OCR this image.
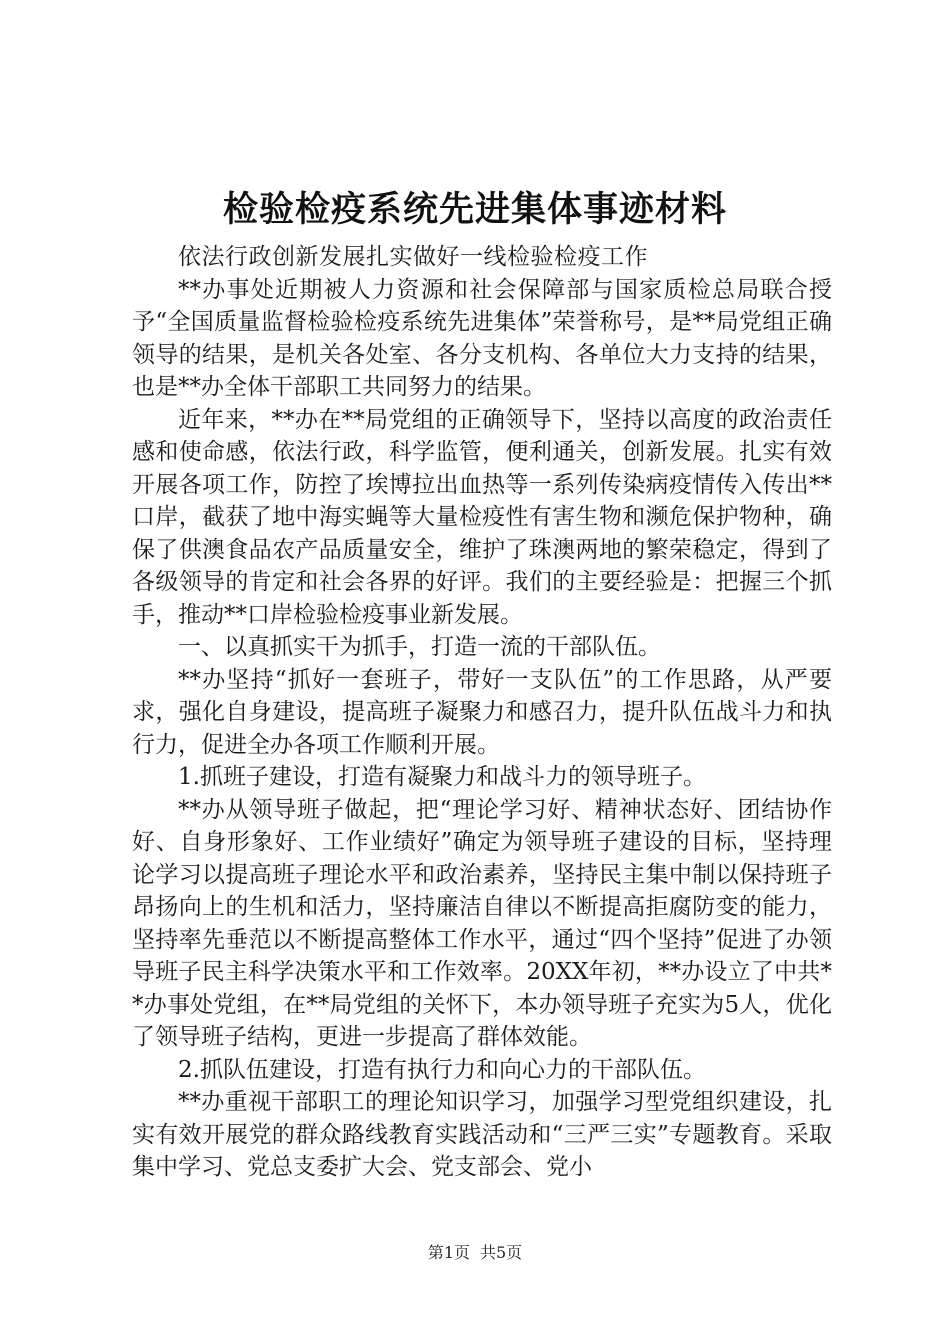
检验检疫系统先进集体事迹材料

依法行政创新发展扎实做好一线检验检疫工作

**办事处近期被人力资源和社会保障部与国家质检总局联合授予“全国质量监督检验检疫系统先进集体”荣誉称号，是**局党组正确领导的结果，是机关各处室、各分支机构、各单位大力支持的结果，也是**办全体干部职工共同努力的结果。

近年来，**办在**局党组的正确领导下，坚持以高度的政治责任感和使命感，依法行政，科学监管，便利通关，创新发展。扎实有效开展各项工作，防控了埃博拉出血热等一系列传染病疫情传入传出**口岸，截获了地中海实蝇等大量检疫性有害生物和濒危保护物种，确保了供澳食品农产品质量安全，维护了珠澳两地的繁荣稳定，得到了各级领导的肯定和社会各界的好评。我们的主要经验是：把握三个抓手，推动**口岸检验检疫事业新发展。

一、以真抓实干为抓手，打造一流的干部队伍。

**办坚持“抓好一套班子，带好一支队伍”的工作思路，从严要求，强化自身建设，提高班子凝聚力和感召力，提升队伍战斗力和执行力，促进全办各项工作顺利开展。

1.抓班子建设，打造有凝聚力和战斗力的领导班子。

**办从领导班子做起，把“理论学习好、精神状态好、团结协作好、自身形象好、工作业绩好”确定为领导班子建设的目标，坚持理论学习以提高班子理论水平和政治素养，坚持民主集中制以保持班子昂扬向上的生机和活力，坚持廉洁自律以不断提高拒腐防变的能力，坚持率先垂范以不断提高整体工作水平，通过“四个坚持”促进了办领导班子民主科学决策水平和工作效率。20XX年初，**办设立了中共**办事处党组，在**局党组的关怀下，本办领导班子充实为5人，优化了领导班子结构，更进一步提高了群体效能。

2.抓队伍建设，打造有执行力和向心力的干部队伍。

**办重视干部职工的理论知识学习，加强学习型党组织建设，扎实有效开展党的群众路线教育实践活动和“三严三实”专题教育。采取集中学习、党总支委扩大会、党支部会、党小

第1页 共5页
